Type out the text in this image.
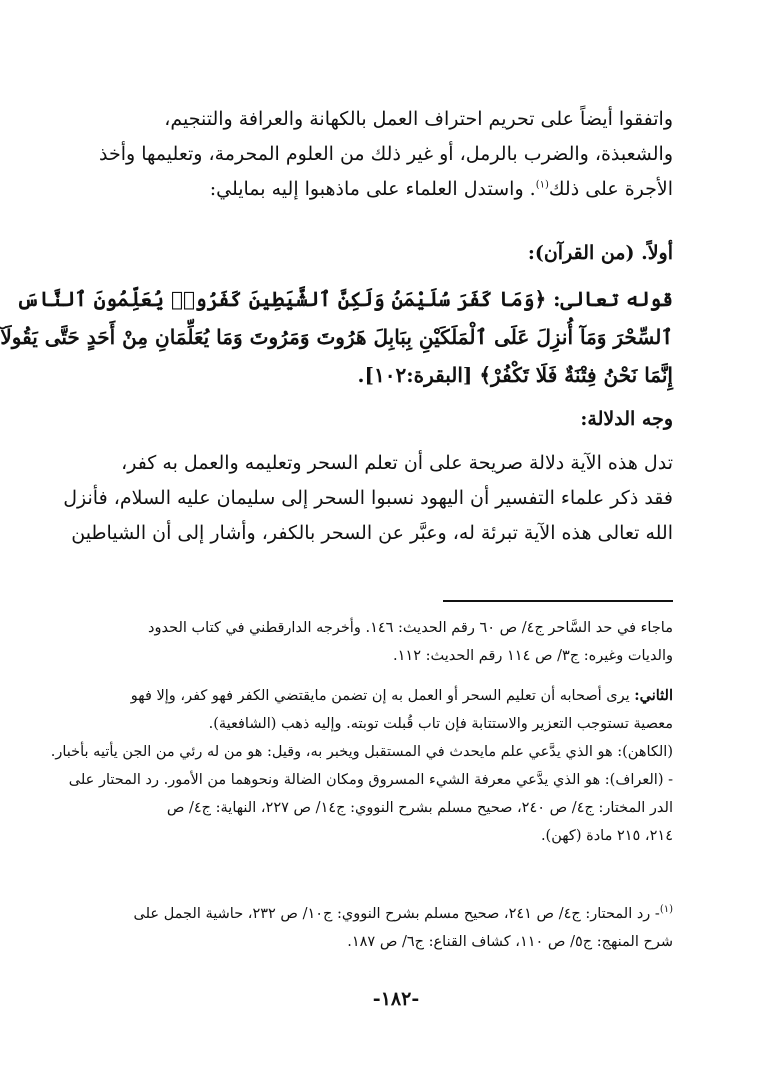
واتفقوا أيضاً على تحريم احتراف العمل بالكهانة والعرافة والتنجيم،
والشعبذة، والضرب بالرمل، أو غير ذلك من العلوم المحرمة، وتعليمها وأخذ
الأجرة على ذلك$^{(١)}$. واستدل العلماء على ماذهبوا إليه بمايلي:
أولاً. (من القرآن):
قوله تعالى: ﴿وَمَا كَفَرَ سُلَيْمَنُ وَلَكِنَّ ٱلشَّيَطِينَ كَفَرُوا۟ يُعَلِّمُونَ ٱلنَّاسَ
ٱلسِّحْرَ وَمَآ أُنزِلَ عَلَى ٱلْمَلَكَيْنِ بِبَابِلَ هَرُوتَ وَمَرُوتَ وَمَا يُعَلِّمَانِ مِنْ أَحَدٍ حَتَّى يَقُولَآ
إِنَّمَا نَحْنُ فِتْنَةٌ فَلَا تَكْفُرْ﴾ [البقرة:١٠٢].
وجه الدلالة:
تدل هذه الآية دلالة صريحة على أن تعلم السحر وتعليمه والعمل به كفر،
فقد ذكر علماء التفسير أن اليهود نسبوا السحر إلى سليمان عليه السلام، فأنزل
الله تعالى هذه الآية تبرئة له، وعبَّر عن السحر بالكفر، وأشار إلى أن الشياطين
ماجاء في حد السَّاحر ج٤/ ص ٦٠ رقم الحديث: ١٤٦. وأخرجه الدارقطني في كتاب الحدود
والديات وغيره: ج٣/ ص ١١٤ رقم الحديث: ١١٢.
الثاني: يرى أصحابه أن تعليم السحر أو العمل به إن تضمن مايقتضي الكفر فهو كفر، وإلا فهو
معصية تستوجب التعزير والاستتابة فإن تاب قُبلت توبته. وإليه ذهب (الشافعية).
(الكاهن): هو الذي يدَّعي علم مايحدث في المستقبل ويخبر به، وقيل: هو من له رئي من الجن يأتيه بأخبار.
- (العراف): هو الذي يدَّعي معرفة الشيء المسروق ومكان الضالة ونحوهما من الأمور. رد المحتار على
الدر المختار: ج٤/ ص ٢٤٠، صحيح مسلم بشرح النووي: ج١٤/ ص ٢٢٧، النهاية: ج٤/ ص
٢١٤، ٢١٥ مادة (كهن).
$^{(١)}$- رد المحتار: ج٤/ ص ٢٤١، صحيح مسلم بشرح النووي: ج١٠/ ص ٢٣٢، حاشية الجمل على
شرح المنهج: ج٥/ ص ١١٠، كشاف القناع: ج٦/ ص ١٨٧.
-١٨٢-
